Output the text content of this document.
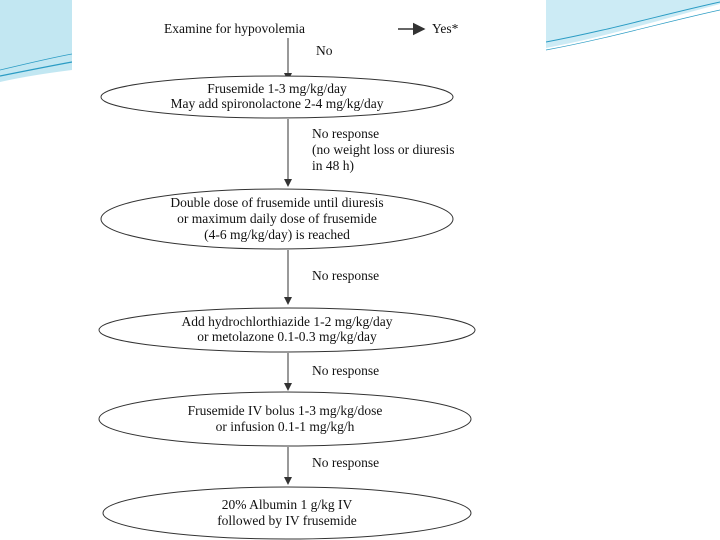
Examine for hypovolemia	Yes*
No
Frusemide 1-3 mg/kg/day
May add spironolactone 2-4 mg/kg/day
No response
(no weight loss or diuresis
in 48 h)
Double dose of frusemide until diuresis
or maximum daily dose of frusemide
(4-6 mg/kg/day) is reached
No response
Add hydrochlorthiazide 1-2 mg/kg/day
or metolazone 0.1-0.3 mg/kg/day
No response
Frusemide IV bolus 1-3 mg/kg/dose
or infusion 0.1-1 mg/kg/h
No response
20% Albumin 1 g/kg IV
followed by IV frusemide
